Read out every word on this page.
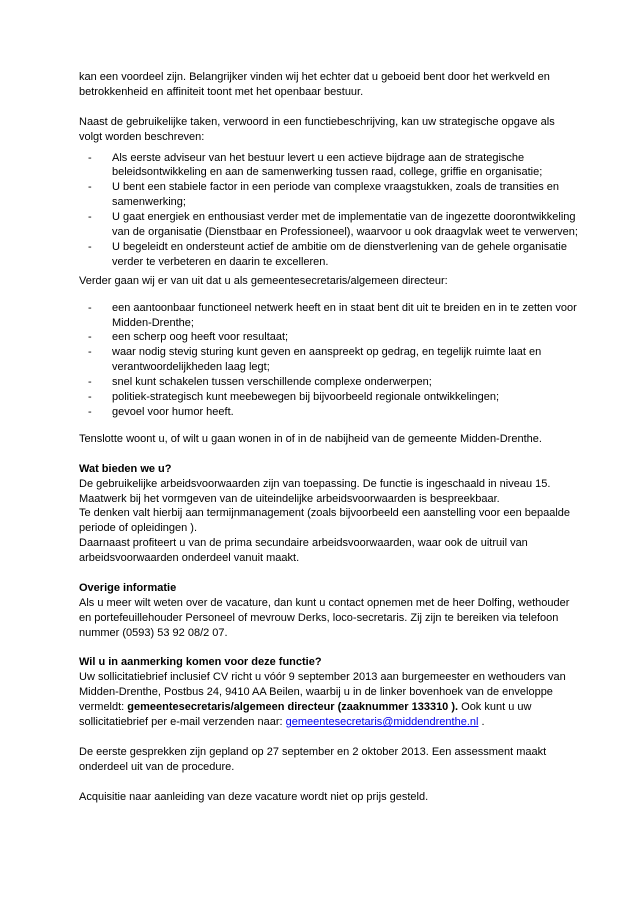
kan een voordeel zijn. Belangrijker vinden wij het echter dat u geboeid bent door het werkveld en betrokkenheid en affiniteit toont met het openbaar bestuur.

Naast de gebruikelijke taken, verwoord in een functiebeschrijving, kan uw strategische opgave als volgt worden beschreven:

- Als eerste adviseur van het bestuur levert u een actieve bijdrage aan de strategische beleidsontwikkeling en aan de samenwerking tussen raad, college, griffie en organisatie;
- U bent een stabiele factor in een periode van complexe vraagstukken, zoals de transities en samenwerking;
- U gaat energiek en enthousiast verder met de implementatie van de ingezette doorontwikkeling van de organisatie (Dienstbaar en Professioneel), waarvoor u ook draagvlak weet te verwerven;
- U begeleidt en ondersteunt actief de ambitie om de dienstverlening van de gehele organisatie verder te verbeteren en daarin te excelleren.

Verder gaan wij er van uit dat u als gemeentesecretaris/algemeen directeur:

- een aantoonbaar functioneel netwerk heeft en in staat bent dit uit te breiden en in te zetten voor Midden-Drenthe;
- een scherp oog heeft voor resultaat;
- waar nodig stevig sturing kunt geven en aanspreekt op gedrag, en tegelijk ruimte laat en verantwoordelijkheden laag legt;
- snel kunt schakelen tussen verschillende complexe onderwerpen;
- politiek-strategisch kunt meebewegen bij bijvoorbeeld regionale ontwikkelingen;
- gevoel voor humor heeft.

Tenslotte woont u, of wilt u gaan wonen in of in de nabijheid van de gemeente Midden-Drenthe.

Wat bieden we u?

De gebruikelijke arbeidsvoorwaarden zijn van toepassing. De functie is ingeschaald in niveau 15. Maatwerk bij het vormgeven van de uiteindelijke arbeidsvoorwaarden is bespreekbaar.

Te denken valt hierbij aan termijnmanagement (zoals bijvoorbeeld een aanstelling voor een bepaalde periode of opleidingen ).

Daarnaast profiteert u van de prima secundaire arbeidsvoorwaarden, waar ook de uitruil van arbeidsvoorwaarden onderdeel vanuit maakt.

Overige informatie

Als u meer wilt weten over de vacature, dan kunt u contact opnemen met de heer Dolfing, wethouder en portefeuillehouder Personeel of mevrouw Derks, loco-secretaris. Zij zijn te bereiken via telefoon nummer (0593) 53 92 08/2 07.

Wil u in aanmerking komen voor deze functie?

Uw sollicitatiebrief inclusief CV richt u vóór 9 september 2013 aan burgemeester en wethouders van Midden-Drenthe, Postbus 24, 9410 AA Beilen, waarbij u in de linker bovenhoek van de enveloppe vermeldt: gemeentesecretaris/algemeen directeur (zaaknummer 133310 ). Ook kunt u uw sollicitatiebrief per e-mail verzenden naar: gemeentesecretaris@middendrenthe.nl .

De eerste gesprekken zijn gepland op 27 september en 2 oktober 2013. Een assessment maakt onderdeel uit van de procedure.

Acquisitie naar aanleiding van deze vacature wordt niet op prijs gesteld.
